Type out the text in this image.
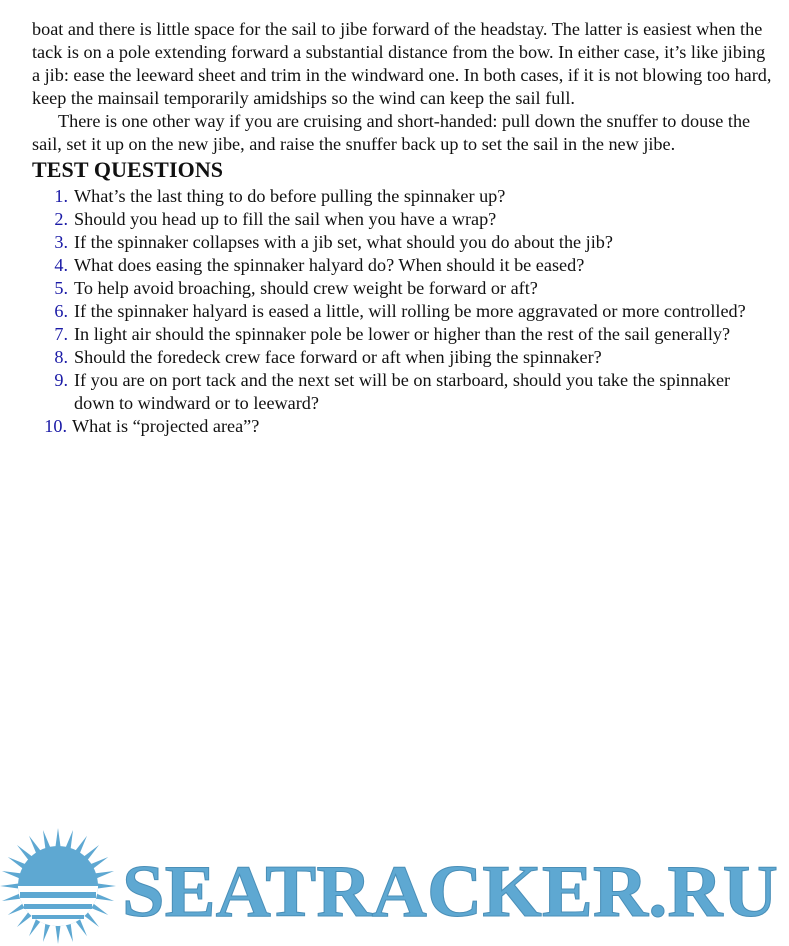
boat and there is little space for the sail to jibe forward of the headstay. The latter is easiest when the tack is on a pole extending forward a substantial distance from the bow. In either case, it’s like jibing a jib: ease the leeward sheet and trim in the windward one. In both cases, if it is not blowing too hard, keep the mainsail temporarily amidships so the wind can keep the sail full.

There is one other way if you are cruising and short-handed: pull down the snuffer to douse the sail, set it up on the new jibe, and raise the snuffer back up to set the sail in the new jibe.

TEST QUESTIONS
1. What’s the last thing to do before pulling the spinnaker up?
2. Should you head up to fill the sail when you have a wrap?
3. If the spinnaker collapses with a jib set, what should you do about the jib?
4. What does easing the spinnaker halyard do? When should it be eased?
5. To help avoid broaching, should crew weight be forward or aft?
6. If the spinnaker halyard is eased a little, will rolling be more aggravated or more controlled?
7. In light air should the spinnaker pole be lower or higher than the rest of the sail generally?
8. Should the foredeck crew face forward or aft when jibing the spinnaker?
9. If you are on port tack and the next set will be on starboard, should you take the spinnaker down to windward or to leeward?
10. What is “projected area”?
SEATRACKER.RU
